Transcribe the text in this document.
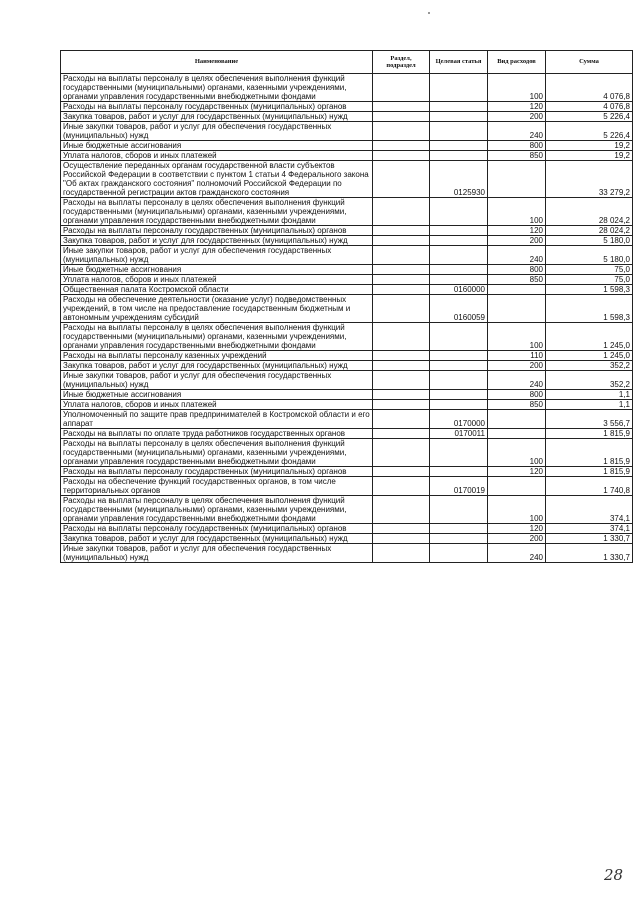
Наименование	Раздел, подраздел	Целевая статья	Вид расходов	Сумма
Расходы на выплаты персоналу в целях обеспечения выполнения функций государственными (муниципальными) органами, казенными учреждениями, органами управления государственными внебюджетными фондами			100	4 076,8
Расходы на выплаты персоналу государственных (муниципальных) органов			120	4 076,8
Закупка товаров, работ и услуг для государственных (муниципальных) нужд			200	5 226,4
Иные закупки товаров, работ и услуг для обеспечения государственных (муниципальных) нужд			240	5 226,4
Иные бюджетные ассигнования			800	19,2
Уплата налогов, сборов и иных платежей			850	19,2
Осуществление переданных органам государственной власти субъектов Российской Федерации в соответствии с пунктом 1 статьи 4 Федерального закона "Об актах гражданского состояния" полномочий Российской Федерации по государственной регистрации актов гражданского состояния		0125930		33 279,2
Расходы на выплаты персоналу в целях обеспечения выполнения функций государственными (муниципальными) органами, казенными учреждениями, органами управления государственными внебюджетными фондами			100	28 024,2
Расходы на выплаты персоналу государственных (муниципальных) органов			120	28 024,2
Закупка товаров, работ и услуг для государственных (муниципальных) нужд			200	5 180,0
Иные закупки товаров, работ и услуг для обеспечения государственных (муниципальных) нужд			240	5 180,0
Иные бюджетные ассигнования			800	75,0
Уплата налогов, сборов и иных платежей			850	75,0
Общественная палата Костромской области		0160000		1 598,3
Расходы на обеспечение деятельности (оказание услуг) подведомственных учреждений, в том числе на предоставление государственным бюджетным и автономным учреждениям субсидий		0160059		1 598,3
Расходы на выплаты персоналу в целях обеспечения выполнения функций государственными (муниципальными) органами, казенными учреждениями, органами управления государственными внебюджетными фондами			100	1 245,0
Расходы на выплаты персоналу казенных учреждений			110	1 245,0
Закупка товаров, работ и услуг для государственных (муниципальных) нужд			200	352,2
Иные закупки товаров, работ и услуг для обеспечения государственных (муниципальных) нужд			240	352,2
Иные бюджетные ассигнования			800	1,1
Уплата налогов, сборов и иных платежей			850	1,1
Уполномоченный по защите прав предпринимателей в Костромской области и его аппарат		0170000		3 556,7
Расходы на выплаты по оплате труда работников государственных органов		0170011		1 815,9
Расходы на выплаты персоналу в целях обеспечения выполнения функций государственными (муниципальными) органами, казенными учреждениями, органами управления государственными внебюджетными фондами			100	1 815,9
Расходы на выплаты персоналу государственных (муниципальных) органов			120	1 815,9
Расходы на обеспечение функций государственных органов, в том числе территориальных органов		0170019		1 740,8
Расходы на выплаты персоналу в целях обеспечения выполнения функций государственными (муниципальными) органами, казенными учреждениями, органами управления государственными внебюджетными фондами			100	374,1
Расходы на выплаты персоналу государственных (муниципальных) органов			120	374,1
Закупка товаров, работ и услуг для государственных (муниципальных) нужд			200	1 330,7
Иные закупки товаров, работ и услуг для обеспечения государственных (муниципальных) нужд			240	1 330,7
28
